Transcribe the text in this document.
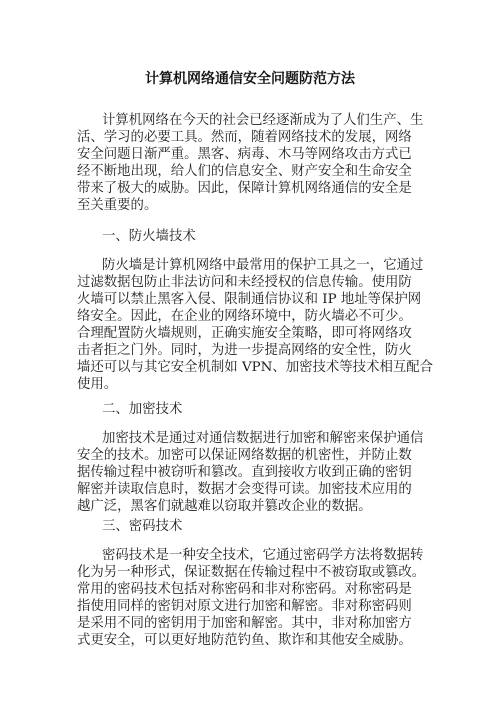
计算机网络通信安全问题防范方法
计算机网络在今天的社会已经逐渐成为了人们生产、生
活、学习的必要工具。然而，随着网络技术的发展，网络
安全问题日渐严重。黑客、病毒、木马等网络攻击方式已
经不断地出现，给人们的信息安全、财产安全和生命安全
带来了极大的威胁。因此，保障计算机网络通信的安全是
至关重要的。
一、防火墙技术
防火墙是计算机网络中最常用的保护工具之一，它通过
过滤数据包防止非法访问和未经授权的信息传输。使用防
火墙可以禁止黑客入侵、限制通信协议和 IP 地址等保护网
络安全。因此，在企业的网络环境中，防火墙必不可少。
合理配置防火墙规则，正确实施安全策略，即可将网络攻
击者拒之门外。同时，为进一步提高网络的安全性，防火
墙还可以与其它安全机制如 VPN、加密技术等技术相互配合
使用。
二、加密技术
加密技术是通过对通信数据进行加密和解密来保护通信
安全的技术。加密可以保证网络数据的机密性，并防止数
据传输过程中被窃听和篡改。直到接收方收到正确的密钥
解密并读取信息时，数据才会变得可读。加密技术应用的
越广泛，黑客们就越难以窃取并篡改企业的数据。
三、密码技术
密码技术是一种安全技术，它通过密码学方法将数据转
化为另一种形式，保证数据在传输过程中不被窃取或篡改。
常用的密码技术包括对称密码和非对称密码。对称密码是
指使用同样的密钥对原文进行加密和解密。非对称密码则
是采用不同的密钥用于加密和解密。其中，非对称加密方
式更安全，可以更好地防范钓鱼、欺诈和其他安全威胁。
